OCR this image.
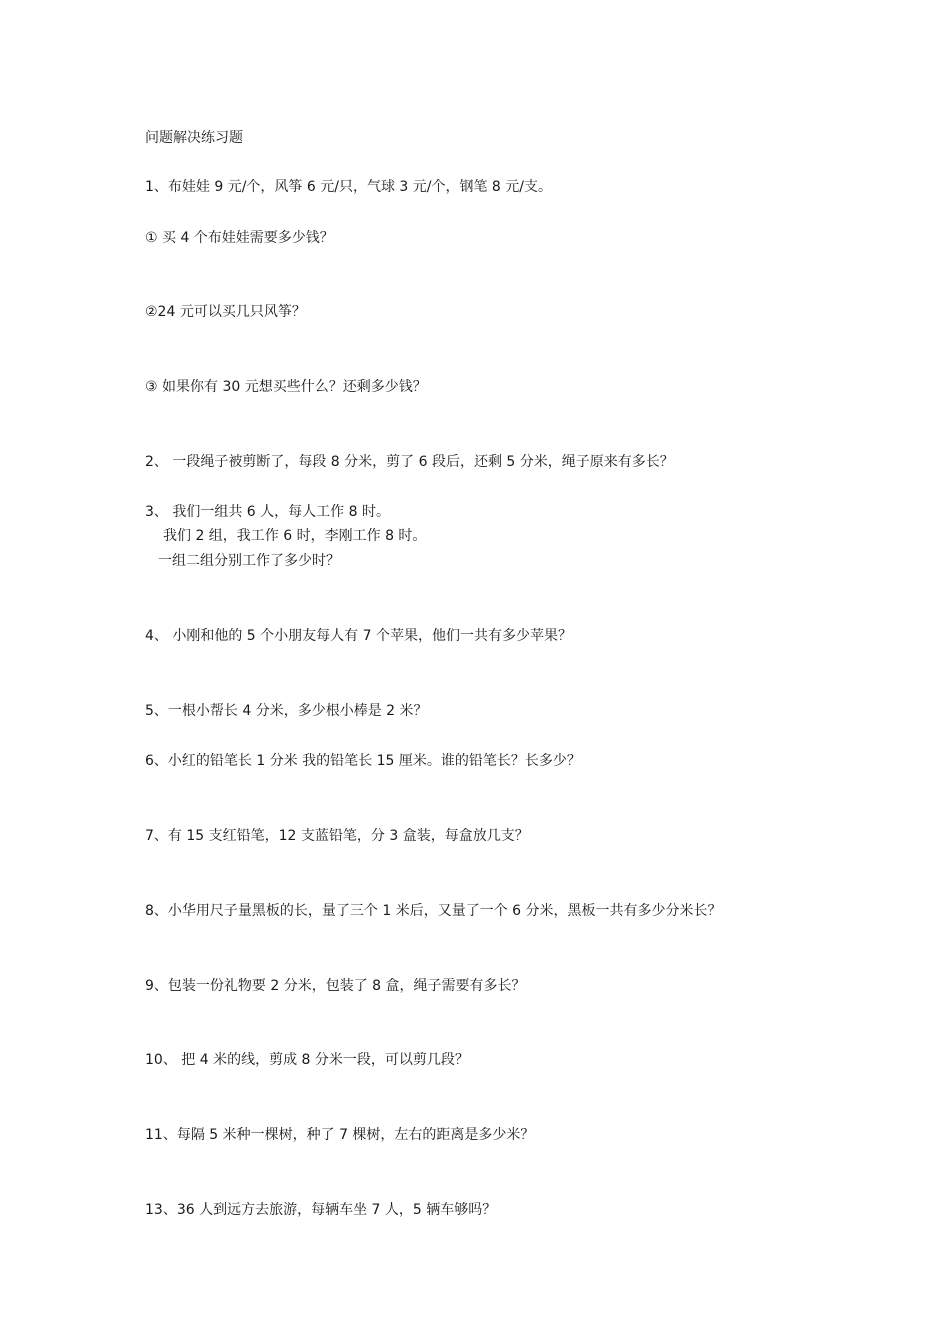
问题解决练习题
1、布娃娃 9 元/个，风筝 6 元/只，气球 3 元/个，钢笔 8 元/支。
① 买 4 个布娃娃需要多少钱？
②24 元可以买几只风筝？
③ 如果你有 30 元想买些什么？还剩多少钱？
2、 一段绳子被剪断了，每段 8 分米，剪了 6 段后，还剩 5 分米，绳子原来有多长？
3、 我们一组共 6 人，每人工作 8 时。
我们 2 组，我工作 6 时，李刚工作 8 时。
一组二组分别工作了多少时？
4、 小刚和他的 5 个小朋友每人有 7 个苹果，他们一共有多少苹果？
5、一根小帮长 4 分米，多少根小棒是 2 米？
6、小红的铅笔长 1 分米 我的铅笔长 15 厘米。谁的铅笔长？长多少？
7、有 15 支红铅笔，12 支蓝铅笔，分 3 盒装，每盒放几支？
8、小华用尺子量黑板的长，量了三个 1 米后，又量了一个 6 分米，黑板一共有多少分米长？
9、包装一份礼物要 2 分米，包装了 8 盒，绳子需要有多长？
10、 把 4 米的线，剪成 8 分米一段，可以剪几段？
11、每隔 5 米种一棵树，种了 7 棵树，左右的距离是多少米？
13、36 人到远方去旅游，每辆车坐 7 人，5 辆车够吗？
